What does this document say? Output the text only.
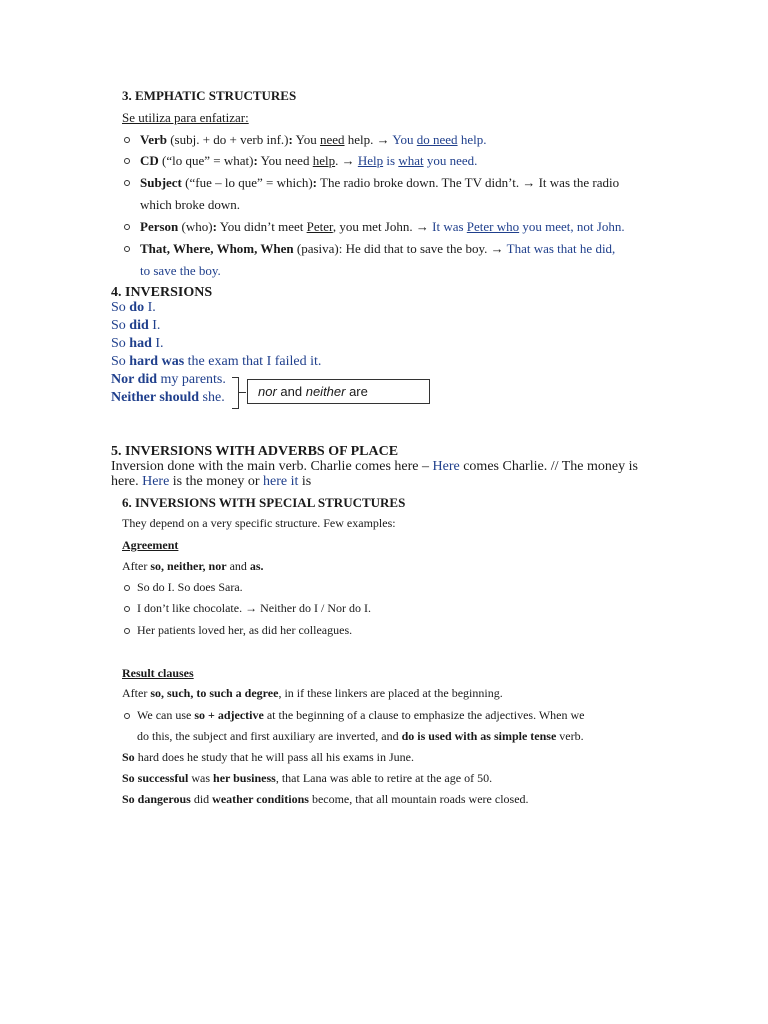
3. EMPHATIC STRUCTURES
Se utiliza para enfatizar:
Verb (subj. + do + verb inf.): You need help. → You do need help.
CD (“lo que” = what): You need help. → Help is what you need.
Subject (“fue – lo que” = which): The radio broke down. The TV didn’t. → It was the radio
which broke down.
Person (who): You didn’t meet Peter, you met John. → It was Peter who you meet, not John.
That, Where, Whom, When (pasiva): He did that to save the boy. → That was that he did,
to save the boy.
4. INVERSIONS
So do I.
So did I.
So had I.
So hard was the exam that I failed it.
Nor did my parents.
Neither should she.	nor and neither are
5. INVERSIONS WITH ADVERBS OF PLACE
Inversion done with the main verb. Charlie comes here – Here comes Charlie. // The money is
here. Here is the money or here it is
6. INVERSIONS WITH SPECIAL STRUCTURES
They depend on a very specific structure. Few examples:
Agreement
After so, neither, nor and as.
So do I. So does Sara.
I don’t like chocolate. → Neither do I / Nor do I.
Her patients loved her, as did her colleagues.
Result clauses
After so, such, to such a degree, in if these linkers are placed at the beginning.
We can use so + adjective at the beginning of a clause to emphasize the adjectives. When we
do this, the subject and first auxiliary are inverted, and do is used with as simple tense verb.
So hard does he study that he will pass all his exams in June.
So successful was her business, that Lana was able to retire at the age of 50.
So dangerous did weather conditions become, that all mountain roads were closed.
